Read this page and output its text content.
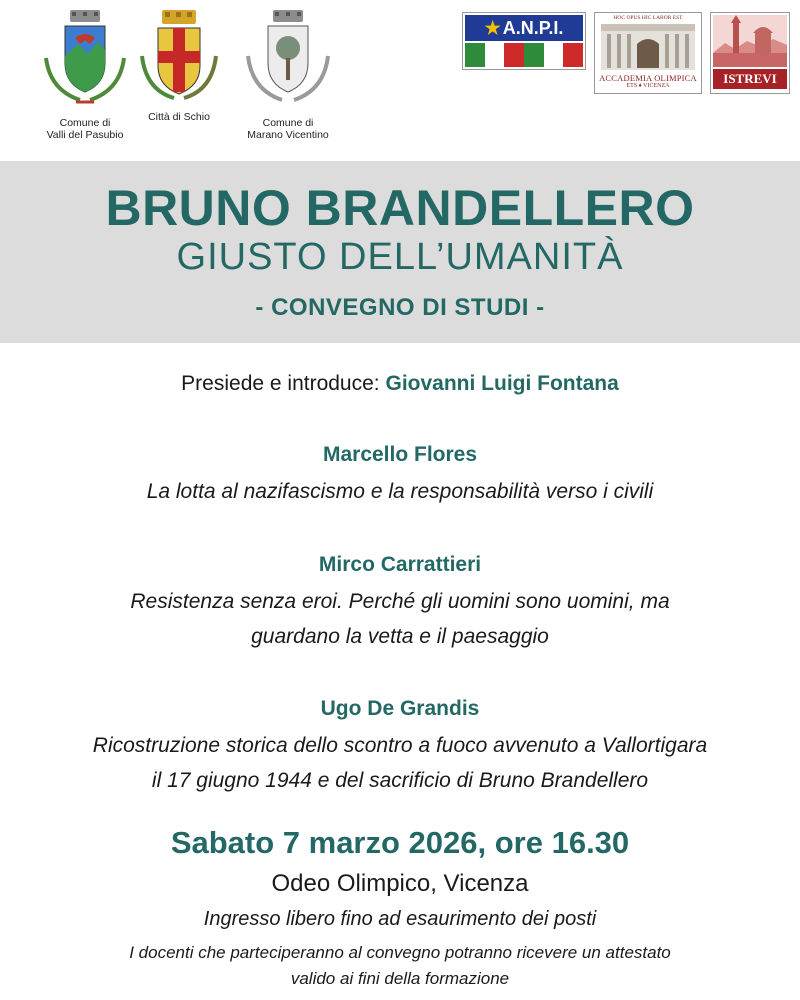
Comune di
Valli del Pasubio
Città di Schio	Comune di
Marano Vicentino
★ A.N.P.I.	HOC OPUS HIC LABOR EST
ACCADEMIA OLIMPICA
ETS ♦ VICENZA	ISTREVI
BRUNO BRANDELLERO
GIUSTO DELL’UMANITÀ
- CONVEGNO DI STUDI -
Presiede e introduce: Giovanni Luigi Fontana
Marcello Flores
La lotta al nazifascismo e la responsabilità verso i civili
Mirco Carrattieri
Resistenza senza eroi. Perché gli uomini sono uomini, ma
guardano la vetta e il paesaggio
Ugo De Grandis
Ricostruzione storica dello scontro a fuoco avvenuto a Vallortigara
il 17 giugno 1944 e del sacrificio di Bruno Brandellero
Sabato 7 marzo 2026, ore 16.30
Odeo Olimpico, Vicenza
Ingresso libero fino ad esaurimento dei posti
I docenti che parteciperanno al convegno potranno ricevere un attestato
valido ai fini della formazione
